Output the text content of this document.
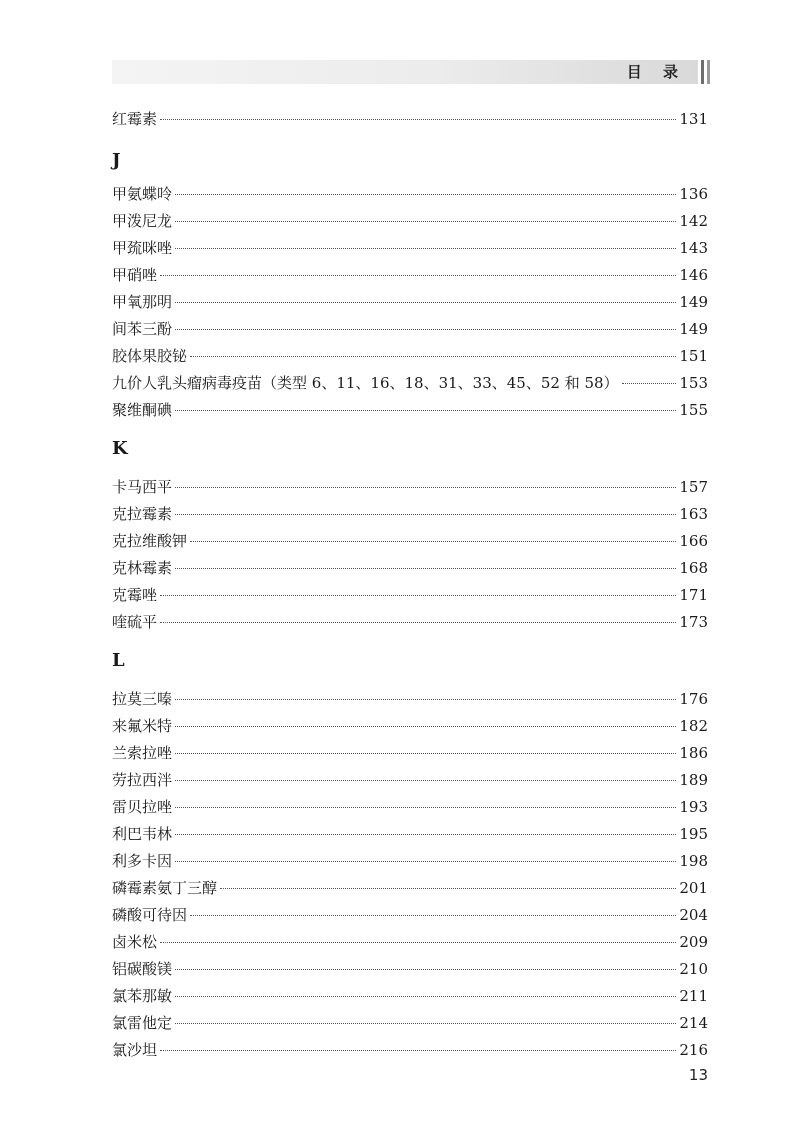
目 录
红霉素	131
J
甲氨蝶呤	136
甲泼尼龙	142
甲巯咪唑	143
甲硝唑	146
甲氧那明	149
间苯三酚	149
胶体果胶铋	151
九价人乳头瘤病毒疫苗（类型 6、11、16、18、31、33、45、52 和 58）	153
聚维酮碘	155
K
卡马西平	157
克拉霉素	163
克拉维酸钾	166
克林霉素	168
克霉唑	171
喹硫平	173
L
拉莫三嗪	176
来氟米特	182
兰索拉唑	186
劳拉西泮	189
雷贝拉唑	193
利巴韦林	195
利多卡因	198
磷霉素氨丁三醇	201
磷酸可待因	204
卤米松	209
铝碳酸镁	210
氯苯那敏	211
氯雷他定	214
氯沙坦	216
13
